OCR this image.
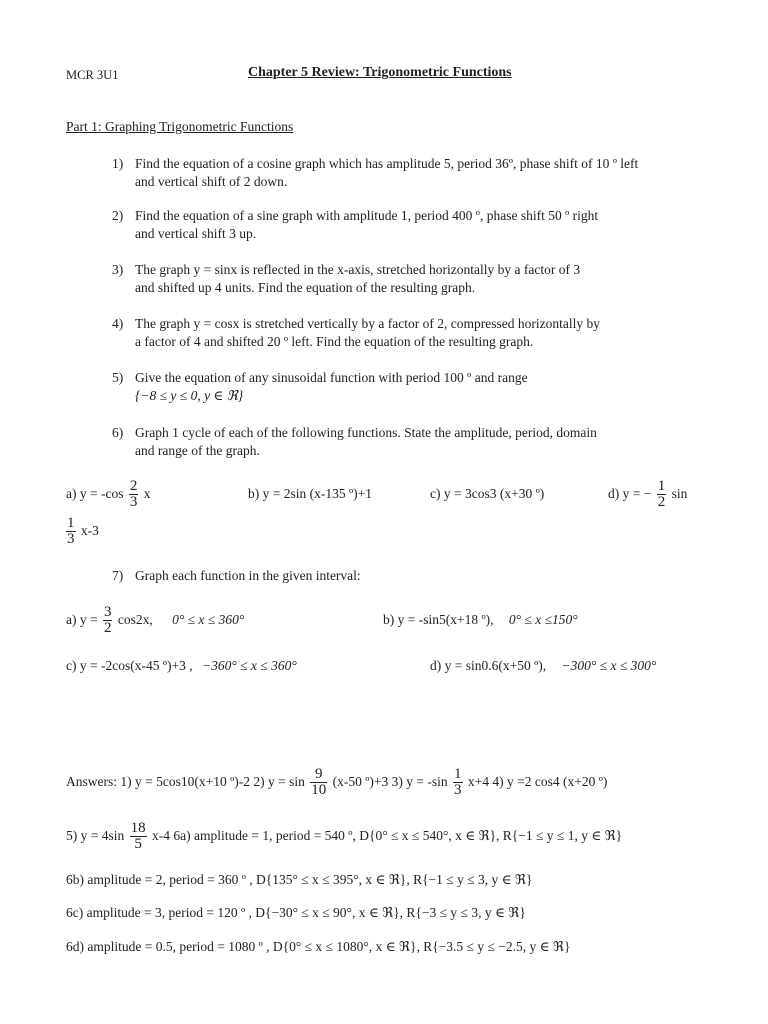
MCR 3U1	Chapter 5 Review: Trigonometric Functions
Part 1: Graphing Trigonometric Functions
1) Find the equation of a cosine graph which has amplitude 5, period 36º, phase shift of 10 º left
and vertical shift of 2 down.
2) Find the equation of a sine graph with amplitude 1, period 400 º, phase shift 50 º right
and vertical shift 3 up.
3) The graph y = sinx is reflected in the x-axis, stretched horizontally by a factor of 3
and shifted up 4 units. Find the equation of the resulting graph.
4) The graph y = cosx is stretched vertically by a factor of 2, compressed horizontally by
a factor of 4 and shifted 20 º left. Find the equation of the resulting graph.
5) Give the equation of any sinusoidal function with period 100 º and range
{−8 ≤ y ≤ 0, y ∈ ℜ}
6) Graph 1 cycle of each of the following functions. State the amplitude, period, domain
and range of the graph.
a) $y = -\cos \frac{2}{3}$ x	b) y = 2sin (x-135 º)+1	c) y = 3cos3 (x+30 º)	d) y = − $\frac{1}{2}$ sin
$\frac{1}{3} x-3$
7) Graph each function in the given interval:
a) $y = \frac{3}{2} \cos 2x$, 0° ≤ x ≤ 360°	b) y = -sin5(x+18 º), 0° ≤ x ≤150°
c) y = -2cos(x-45 º)+3 , −360° ≤ x ≤ 360°	d) y = sin0.6(x+50 º), −300° ≤ x ≤ 300°
Answers: 1) y = 5cos10(x+10 º)-2 2) $y = \sin \frac{9}{10} (x-50$ º)+3 3) $y = -\sin \frac{1}{3} x+4$ 4) y =2 cos4 (x+20 º)
5) $y = 4\sin \frac{18}{5} x-4$ 6a) amplitude = 1, period = 540 º, D{0° ≤ x ≤ 540°, x ∈ ℜ}, R{−1 ≤ y ≤ 1, y ∈ ℜ}
6b) amplitude = 2, period = 360 º , D{135° ≤ x ≤ 395°, x ∈ ℜ}, R{−1 ≤ y ≤ 3, y ∈ ℜ}
6c) amplitude = 3, period = 120 º , D{−30° ≤ x ≤ 90°, x ∈ ℜ}, R{−3 ≤ y ≤ 3, y ∈ ℜ}
6d) amplitude = 0.5, period = 1080 º , D{0° ≤ x ≤ 1080°, x ∈ ℜ}, R{−3.5 ≤ y ≤ −2.5, y ∈ ℜ}
